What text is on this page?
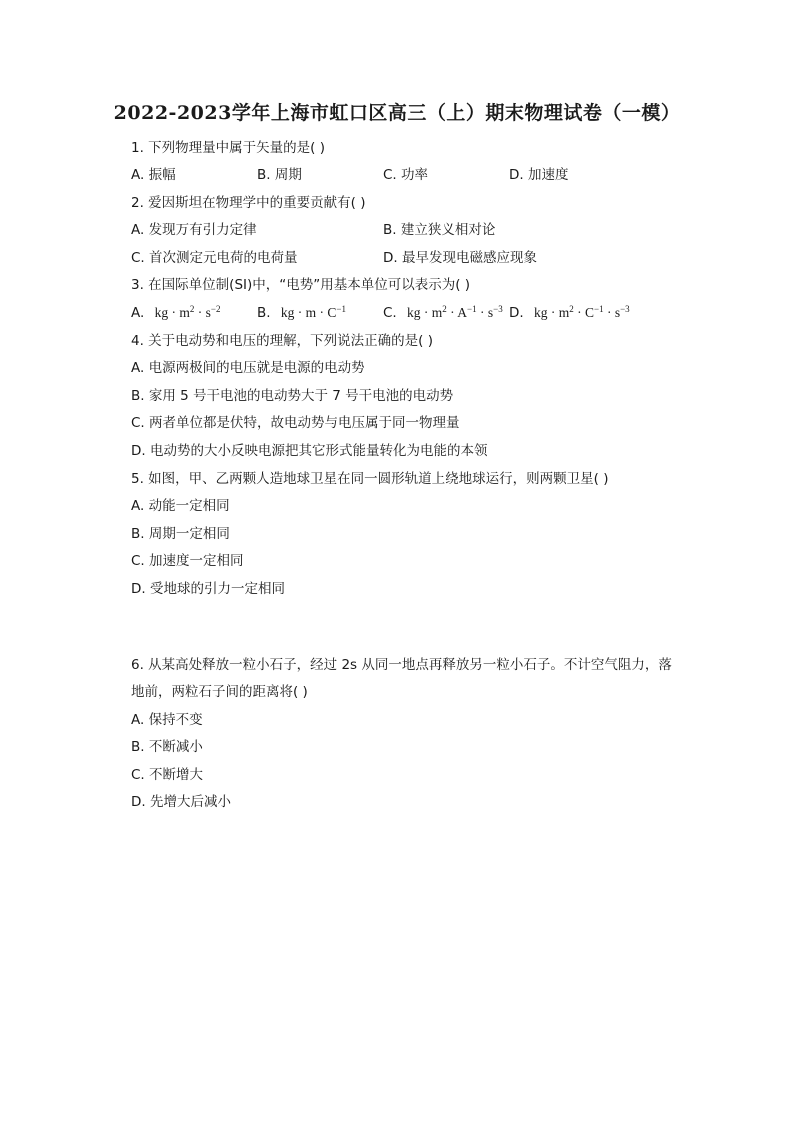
2022-2023学年上海市虹口区高三（上）期末物理试卷（一模）
1. 下列物理量中属于矢量的是( )
A. 振幅	B. 周期	C. 功率	D. 加速度
2. 爱因斯坦在物理学中的重要贡献有( )
A. 发现万有引力定律	B. 建立狭义相对论
C. 首次测定元电荷的电荷量	D. 最早发现电磁感应现象
3. 在国际单位制(SI)中，“电势”用基本单位可以表示为( )
A. kg · $m^2 \cdot s^{-2}$	B. kg · $m \cdot C^{-1}$	C. kg · $m^2 \cdot A^{-1} \cdot s^{-3}$ D. kg · $m^2 \cdot C^{-1} \cdot s^{-3}$
4. 关于电动势和电压的理解，下列说法正确的是( )
A. 电源两极间的电压就是电源的电动势
B. 家用 5 号干电池的电动势大于 7 号干电池的电动势
C. 两者单位都是伏特，故电动势与电压属于同一物理量
D. 电动势的大小反映电源把其它形式能量转化为电能的本领
5. 如图，甲、乙两颗人造地球卫星在同一圆形轨道上绕地球运行，则两颗卫星( )
A. 动能一定相同
B. 周期一定相同
C. 加速度一定相同
D. 受地球的引力一定相同
6. 从某高处释放一粒小石子，经过 2s 从同一地点再释放另一粒小石子。不计空气阻力，落
地前，两粒石子间的距离将( )
A. 保持不变
B. 不断减小
C. 不断增大
D. 先增大后减小
